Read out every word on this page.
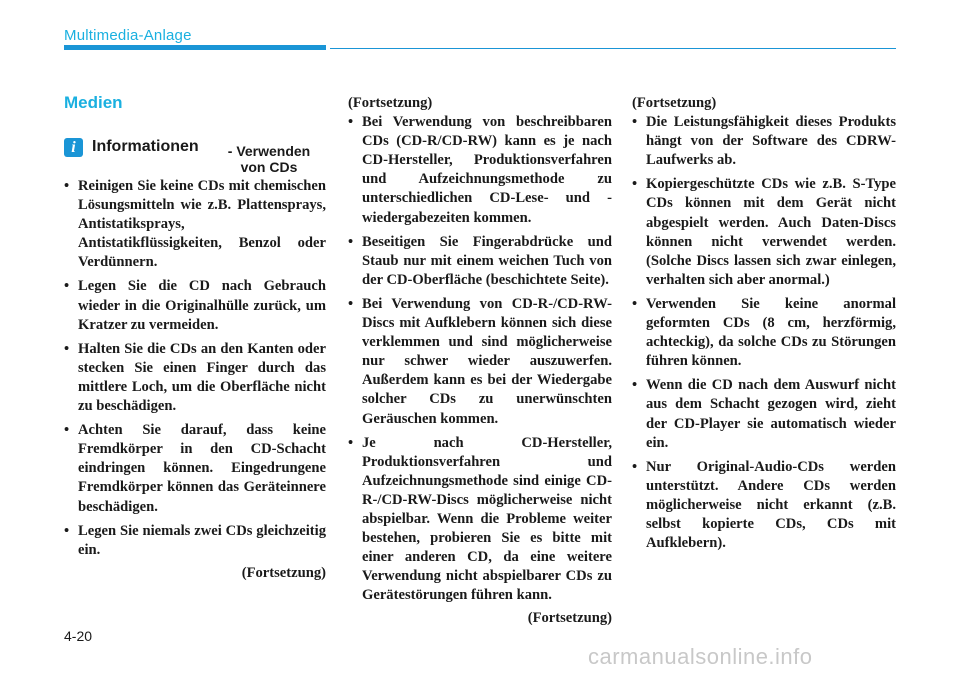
Multimedia-Anlage
Medien
i	Informationen	- Verwenden
von CDs
• Reinigen Sie keine CDs mit chemischen Lösungsmitteln wie z.B. Plattensprays, Antistatiksprays, Antistatikflüssigkeiten, Benzol oder Verdünnern.
• Legen Sie die CD nach Gebrauch wieder in die Originalhülle zurück, um Kratzer zu vermeiden.
• Halten Sie die CDs an den Kanten oder stecken Sie einen Finger durch das mittlere Loch, um die Oberfläche nicht zu beschädigen.
• Achten Sie darauf, dass keine Fremdkörper in den CD-Schacht eindringen können. Eingedrungene Fremdkörper können das Geräteinnere beschädigen.
• Legen Sie niemals zwei CDs gleichzeitig ein.
(Fortsetzung)
(Fortsetzung)
• Bei Verwendung von beschreibbaren CDs (CD-R/CD-RW) kann es je nach CD-Hersteller, Produktionsverfahren und Aufzeichnungsmethode zu unterschiedlichen CD-Lese- und -wiedergabezeiten kommen.
• Beseitigen Sie Fingerabdrücke und Staub nur mit einem weichen Tuch von der CD-Oberfläche (beschichtete Seite).
• Bei Verwendung von CD-R-/CD-RW-Discs mit Aufklebern können sich diese verklemmen und sind möglicherweise nur schwer wieder auszuwerfen. Außerdem kann es bei der Wiedergabe solcher CDs zu unerwünschten Geräuschen kommen.
• Je nach CD-Hersteller, Produktionsverfahren und Aufzeichnungsmethode sind einige CD-R-/CD-RW-Discs möglicherweise nicht abspielbar. Wenn die Probleme weiter bestehen, probieren Sie es bitte mit einer anderen CD, da eine weitere Verwendung nicht abspielbarer CDs zu Gerätestörungen führen kann.
(Fortsetzung)
(Fortsetzung)
• Die Leistungsfähigkeit dieses Produkts hängt von der Software des CDRW-Laufwerks ab.
• Kopiergeschützte CDs wie z.B. S-Type CDs können mit dem Gerät nicht abgespielt werden. Auch Daten-Discs können nicht verwendet werden. (Solche Discs lassen sich zwar einlegen, verhalten sich aber anormal.)
• Verwenden Sie keine anormal geformten CDs (8 cm, herzförmig, achteckig), da solche CDs zu Störungen führen können.
• Wenn die CD nach dem Auswurf nicht aus dem Schacht gezogen wird, zieht der CD-Player sie automatisch wieder ein.
• Nur Original-Audio-CDs werden unterstützt. Andere CDs werden möglicherweise nicht erkannt (z.B. selbst kopierte CDs, CDs mit Aufklebern).
4-20
carmanualsonline.info
